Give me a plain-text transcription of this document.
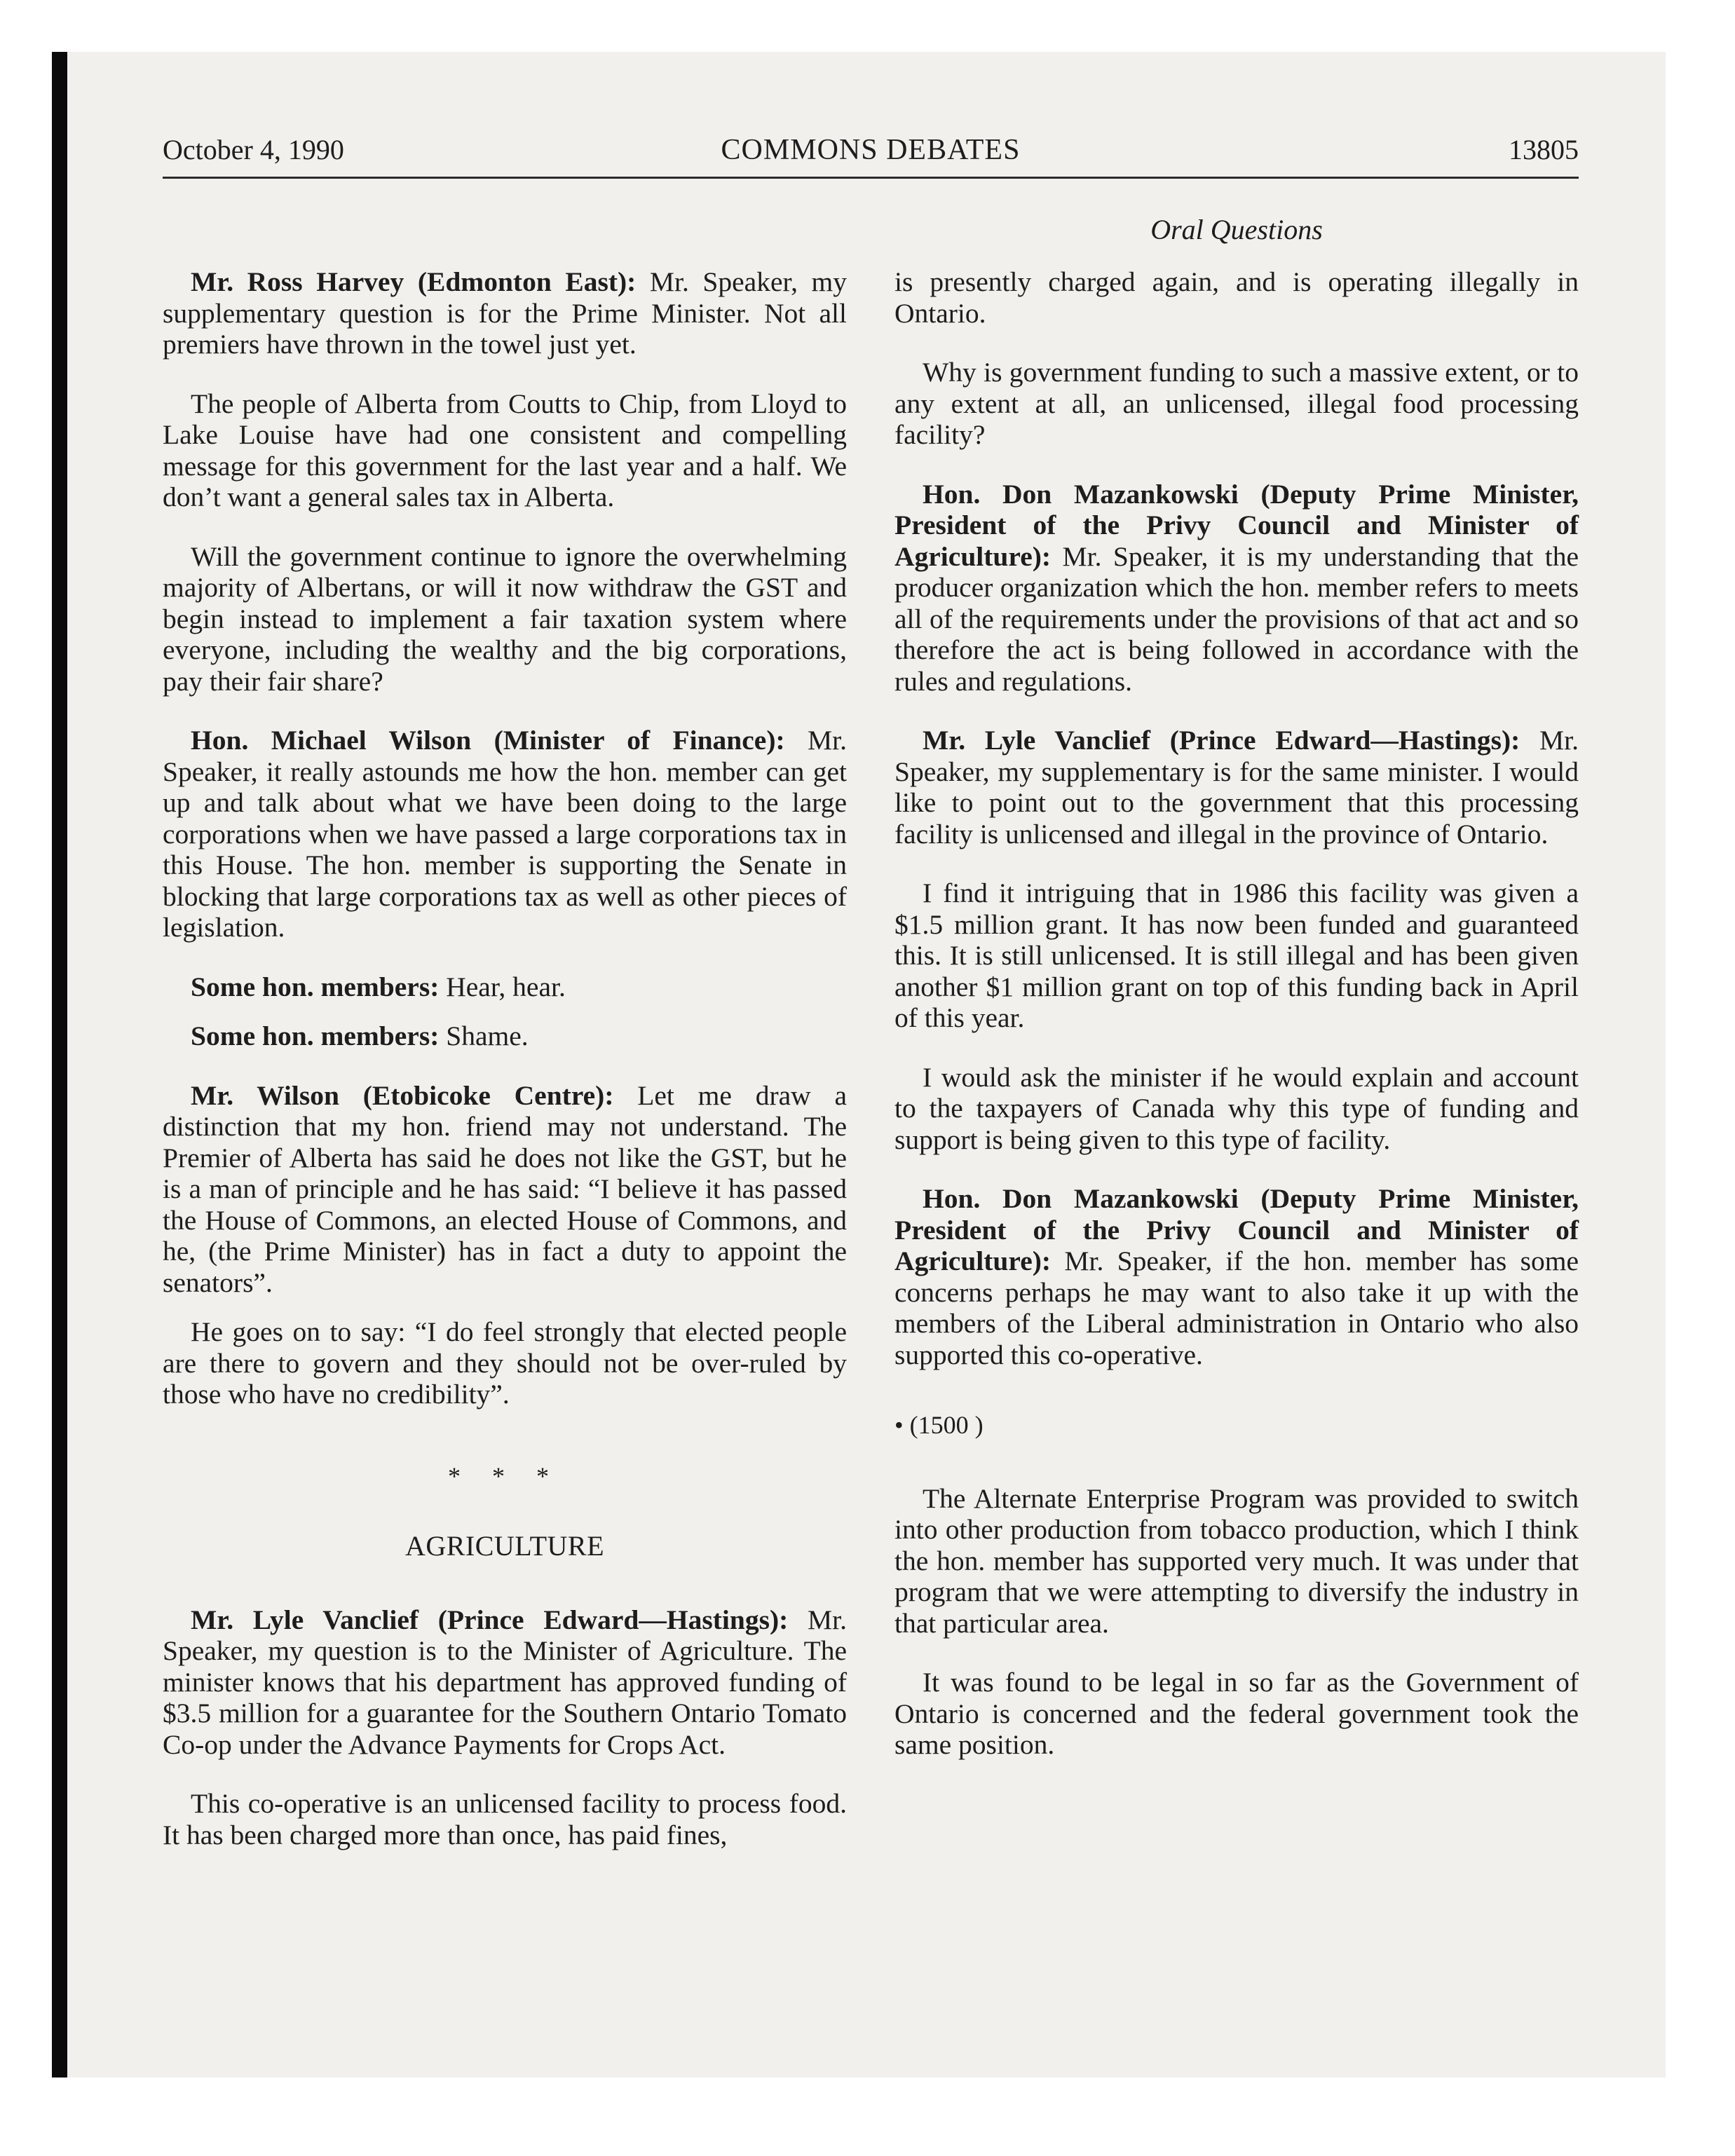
October 4, 1990	COMMONS DEBATES	13805
Oral Questions

Mr. Ross Harvey (Edmonton East): Mr. Speaker, my supplementary question is for the Prime Minister. Not all premiers have thrown in the towel just yet.

The people of Alberta from Coutts to Chip, from Lloyd to Lake Louise have had one consistent and compelling message for this government for the last year and a half. We don’t want a general sales tax in Alberta.

Will the government continue to ignore the overwhelming majority of Albertans, or will it now withdraw the GST and begin instead to implement a fair taxation system where everyone, including the wealthy and the big corporations, pay their fair share?

Hon. Michael Wilson (Minister of Finance): Mr. Speaker, it really astounds me how the hon. member can get up and talk about what we have been doing to the large corporations when we have passed a large corporations tax in this House. The hon. member is supporting the Senate in blocking that large corporations tax as well as other pieces of legislation.

Some hon. members: Hear, hear.

Some hon. members: Shame.

Mr. Wilson (Etobicoke Centre): Let me draw a distinction that my hon. friend may not understand. The Premier of Alberta has said he does not like the GST, but he is a man of principle and he has said: “I believe it has passed the House of Commons, an elected House of Commons, and he, (the Prime Minister) has in fact a duty to appoint the senators”.

He goes on to say: “I do feel strongly that elected people are there to govern and they should not be over-ruled by those who have no credibility”.

* * *
AGRICULTURE

Mr. Lyle Vanclief (Prince Edward—Hastings): Mr. Speaker, my question is to the Minister of Agriculture. The minister knows that his department has approved funding of $3.5 million for a guarantee for the Southern Ontario Tomato Co-op under the Advance Payments for Crops Act.

This co-operative is an unlicensed facility to process food. It has been charged more than once, has paid fines,

is presently charged again, and is operating illegally in Ontario.

Why is government funding to such a massive extent, or to any extent at all, an unlicensed, illegal food processing facility?

Hon. Don Mazankowski (Deputy Prime Minister, President of the Privy Council and Minister of Agriculture): Mr. Speaker, it is my understanding that the producer organization which the hon. member refers to meets all of the requirements under the provisions of that act and so therefore the act is being followed in accordance with the rules and regulations.

Mr. Lyle Vanclief (Prince Edward—Hastings): Mr. Speaker, my supplementary is for the same minister. I would like to point out to the government that this processing facility is unlicensed and illegal in the province of Ontario.

I find it intriguing that in 1986 this facility was given a $1.5 million grant. It has now been funded and guaranteed this. It is still unlicensed. It is still illegal and has been given another $1 million grant on top of this funding back in April of this year.

I would ask the minister if he would explain and account to the taxpayers of Canada why this type of funding and support is being given to this type of facility.

Hon. Don Mazankowski (Deputy Prime Minister, President of the Privy Council and Minister of Agriculture): Mr. Speaker, if the hon. member has some concerns perhaps he may want to also take it up with the members of the Liberal administration in Ontario who also supported this co-operative.

• (1500 )

The Alternate Enterprise Program was provided to switch into other production from tobacco production, which I think the hon. member has supported very much. It was under that program that we were attempting to diversify the industry in that particular area.

It was found to be legal in so far as the Government of Ontario is concerned and the federal government took the same position.
